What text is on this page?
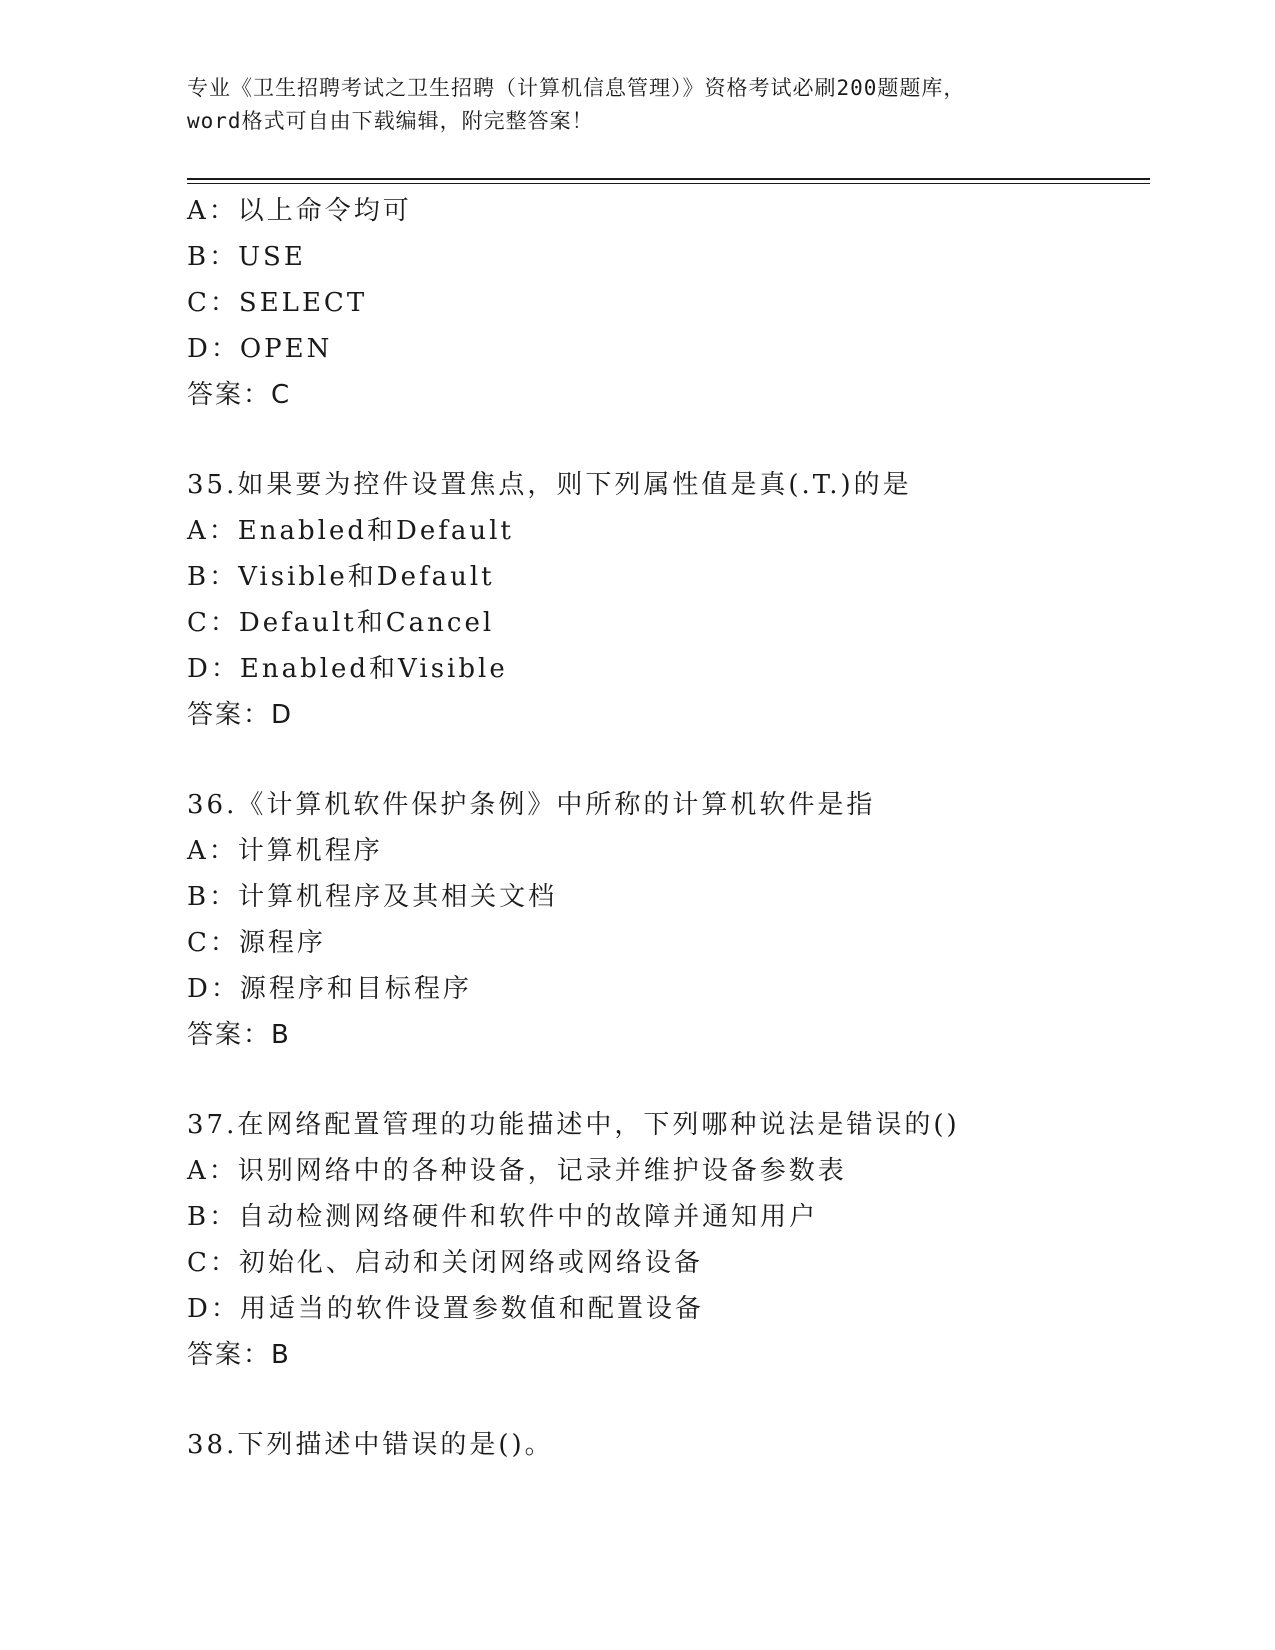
专业《卫生招聘考试之卫生招聘（计算机信息管理）》资格考试必刷200题题库，
word格式可自由下载编辑，附完整答案！
A：以上命令均可
B：USE
C：SELECT
D：OPEN
答案：C
35.如果要为控件设置焦点，则下列属性值是真(.T.)的是
A：Enabled和Default
B：Visible和Default
C：Default和Cancel
D：Enabled和Visible
答案：D
36.《计算机软件保护条例》中所称的计算机软件是指
A：计算机程序
B：计算机程序及其相关文档
C：源程序
D：源程序和目标程序
答案：B
37.在网络配置管理的功能描述中，下列哪种说法是错误的()
A：识别网络中的各种设备，记录并维护设备参数表
B：自动检测网络硬件和软件中的故障并通知用户
C：初始化、启动和关闭网络或网络设备
D：用适当的软件设置参数值和配置设备
答案：B
38.下列描述中错误的是()。
